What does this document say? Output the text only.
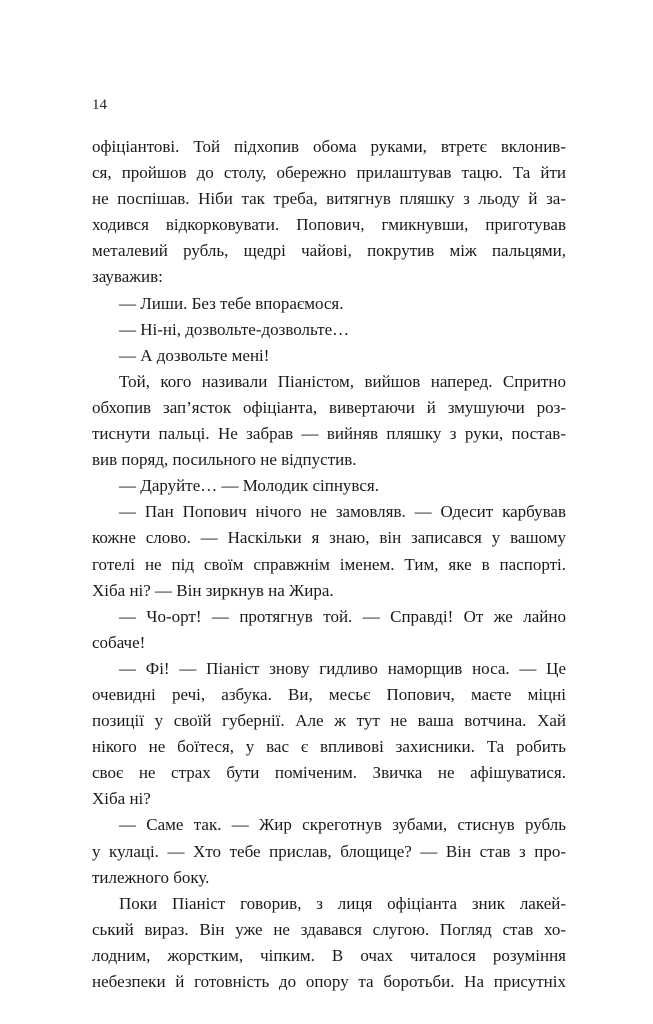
14
офіціантові. Той підхопив обома руками, втретє вклонив-
ся, пройшов до столу, обережно прилаштував тацю. Та йти
не поспішав. Ніби так треба, витягнув пляшку з льоду й за-
ходився відкорковувати. Попович, гмикнувши, приготував
металевий рубль, щедрі чайові, покрутив між пальцями,
зауважив:
— Лиши. Без тебе впораємося.
— Ні-ні, дозвольте-дозвольте…
— А дозвольте мені!
Той, кого називали Піаністом, вийшов наперед. Спритно
обхопив зап’ясток офіціанта, вивертаючи й змушуючи роз-
тиснути пальці. Не забрав — вийняв пляшку з руки, постав-
вив поряд, посильного не відпустив.
— Даруйте… — Молодик сіпнувся.
— Пан Попович нічого не замовляв. — Одесит карбував
кожне слово. — Наскільки я знаю, він записався у вашому
готелі не під своїм справжнім іменем. Тим, яке в паспорті.
Хіба ні? — Він зиркнув на Жира.
— Чо-орт! — протягнув той. — Справді! От же лайно
собаче!
— Фі! — Піаніст знову гидливо наморщив носа. — Це
очевидні речі, азбука. Ви, месьє Попович, маєте міцні
позиції у своїй губернії. Але ж тут не ваша вотчина. Хай
нікого не боїтеся, у вас є впливові захисники. Та робить
своє не страх бути поміченим. Звичка не афішуватися.
Хіба ні?
— Саме так. — Жир скреготнув зубами, стиснув рубль
у кулаці. — Хто тебе прислав, блощице? — Він став з про-
тилежного боку.
Поки Піаніст говорив, з лиця офіціанта зник лакей-
ський вираз. Він уже не здавався слугою. Погляд став хо-
лодним, жорстким, чіпким. В очах читалося розуміння
небезпеки й готовність до опору та боротьби. На присутніх
